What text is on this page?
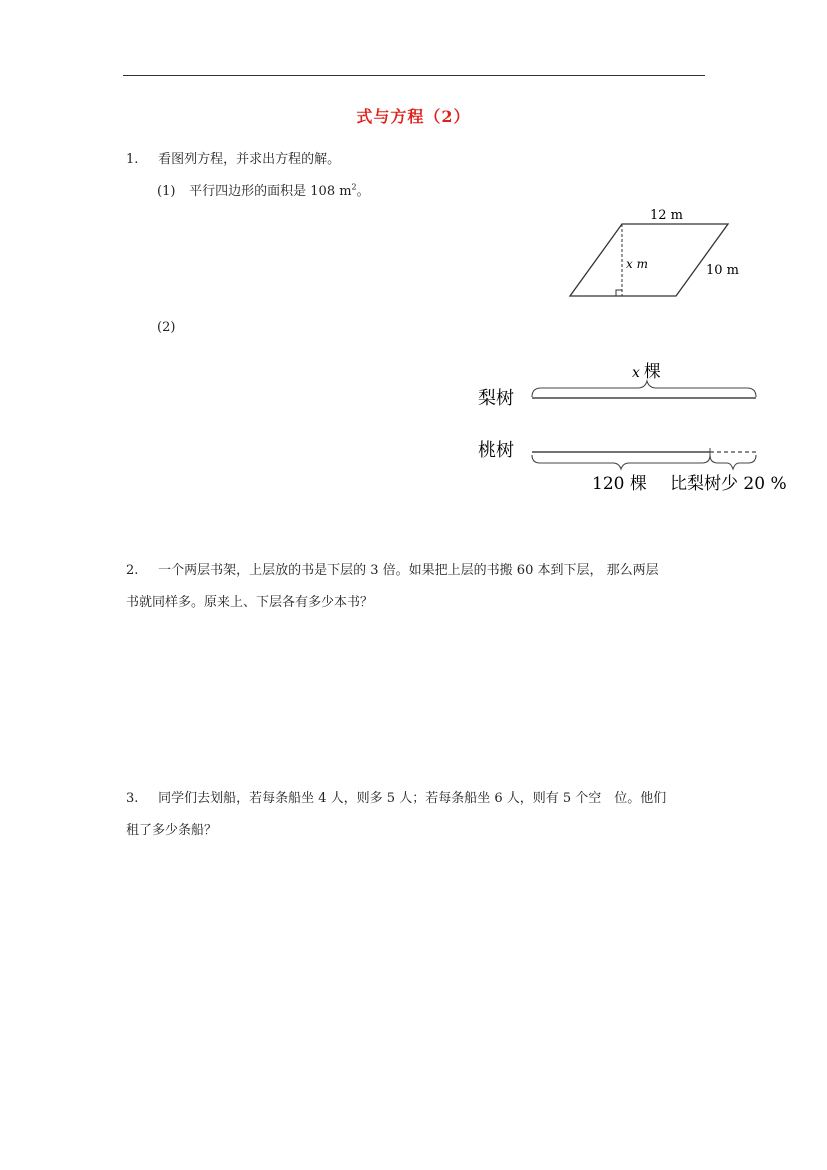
式与方程（2）
1. 看图列方程，并求出方程的解。
(1) 平行四边形的面积是 108 $m^2$。
12 m
x m	10 m
(2)
x 棵
梨树
桃树
120 棵 比梨树少 20 %
2. 一个两层书架，上层放的书是下层的 3 倍。如果把上层的书搬 60 本到下层， 那么两层
书就同样多。原来上、下层各有多少本书？
3. 同学们去划船，若每条船坐 4 人，则多 5 人；若每条船坐 6 人，则有 5 个空　位。他们
租了多少条船？
